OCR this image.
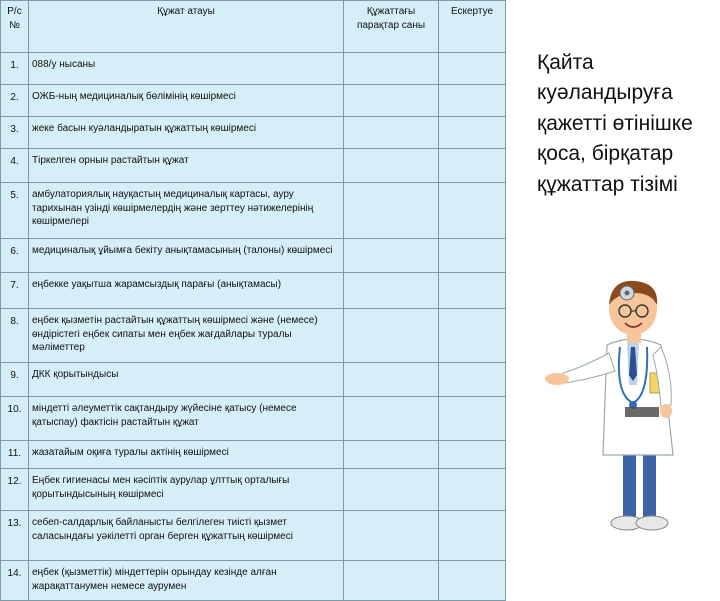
Р/с №	Құжат атауы	Құжаттағы парақтар саны	Ескертуе
1.	088/у нысаны		
2.	ОЖБ-ның медициналық бөлімінің көшірмесі		
3.	жеке басын куәландыратын құжаттың көшірмесі		
4.	Тіркелген орнын растайтын құжат		
5.	амбулаториялық науқастың медициналық картасы, ауру тарихынан үзінді көшірмелердің және зерттеу нәтижелерінің көшірмелері		
6.	медициналық ұйымға бекіту анықтамасының (талоны) көшірмесі		
7.	еңбекке уақытша жарамсыздық парағы (анықтамасы)		
8.	еңбек қызметін растайтын құжаттың көшірмесі және (немесе) өндірістегі еңбек сипаты мен еңбек жағдайлары туралы мәліметтер		
9.	ДКК қорытындысы		
10.	міндетті әлеуметтік сақтандыру жүйесіне қатысу (немесе қатыспау) фактісін растайтын құжат		
11.	жазатайым оқиға туралы актінің көшірмесі		
12.	Еңбек гигиенасы мен кәсіптік аурулар ұлттық орталығы қорытындысының көшірмесі		
13.	себеп-салдарлық байланысты белгілеген тиісті қызмет саласындағы уәкілетті орган берген құжаттың көшірмесі		
14.	еңбек (қызметтік) міндеттерін орындау кезінде алған жарақаттанумен немесе аурумен		
Қайта куәландыруға қажетті өтінішке қоса, бірқатар құжаттар тізімі
